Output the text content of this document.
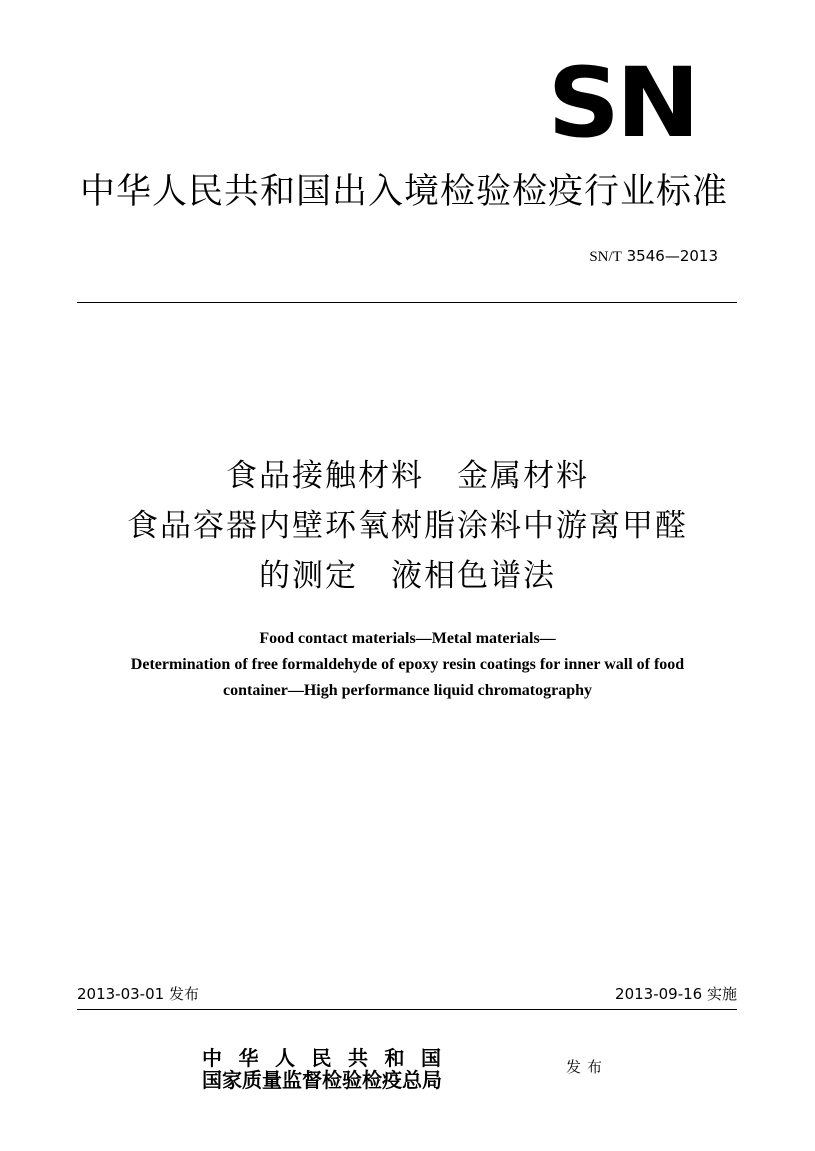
SN
中华人民共和国出入境检验检疫行业标准
SN/T 3546—2013
食品接触材料　金属材料
食品容器内壁环氧树脂涂料中游离甲醛
的测定　液相色谱法
Food contact materials—Metal materials—
Determination of free formaldehyde of epoxy resin coatings for inner wall of food
container—High performance liquid chromatography
2013-03-01 发布	2013-09-16 实施
中华人民共和国
国家质量监督检验检疫总局
发布
